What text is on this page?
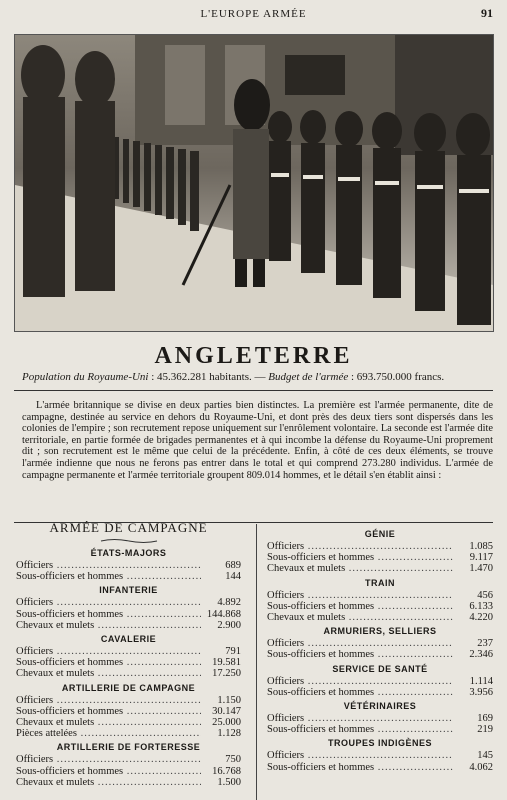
L'EUROPE ARMÉE	91
ANGLETERRE
Population du Royaume-Uni : 45.362.281 habitants. — Budget de l'armée : 693.750.000 francs.
L'armée britannique se divise en deux parties bien distinctes. La première est l'armée permanente, dite de campagne, destinée au service en dehors du Royaume-Uni, et dont près des deux tiers sont dispersés dans les colonies de l'empire ; son recrutement repose uniquement sur l'enrôlement volontaire. La seconde est l'armée dite territoriale, en partie formée de brigades permanentes et à qui incombe la défense du Royaume-Uni proprement dit ; son recrutement est le même que celui de la précédente. Enfin, à côté de ces deux éléments, se trouve l'armée indienne que nous ne ferons pas entrer dans le total et qui comprend 273.280 individus. L'armée de campagne permanente et l'armée territoriale groupent 809.014 hommes, et le détail s'en établit ainsi :
ARMÉE DE CAMPAGNE
ÉTATS-MAJORS
Officiers .....	689
Sous-officiers et hommes .....	144
INFANTERIE
Officiers .....	4.892
Sous-officiers et hommes .....	144.868
Chevaux et mulets .....	2.900
CAVALERIE
Officiers .....	791
Sous-officiers et hommes .....	19.581
Chevaux et mulets .....	17.250
ARTILLERIE DE CAMPAGNE
Officiers .....	1.150
Sous-officiers et hommes .....	30.147
Chevaux et mulets .....	25.000
Pièces attelées .....	1.128
ARTILLERIE DE FORTERESSE
Officiers .....	750
Sous-officiers et hommes .....	16.768
Chevaux et mulets .....	1.500
GÉNIE
Officiers .....	1.085
Sous-officiers et hommes .....	9.117
Chevaux et mulets .....	1.470
TRAIN
Officiers .....	456
Sous-officiers et hommes .....	6.133
Chevaux et mulets .....	4.220
ARMURIERS, SELLIERS
Officiers .....	237
Sous-officiers et hommes .....	2.346
SERVICE DE SANTÉ
Officiers .....	1.114
Sous-officiers et hommes .....	3.956
VÉTÉRINAIRES
Officiers .....	169
Sous-officiers et hommes .....	219
TROUPES INDIGÈNES
Officiers .....	145
Sous-officiers et hommes .....	4.062
